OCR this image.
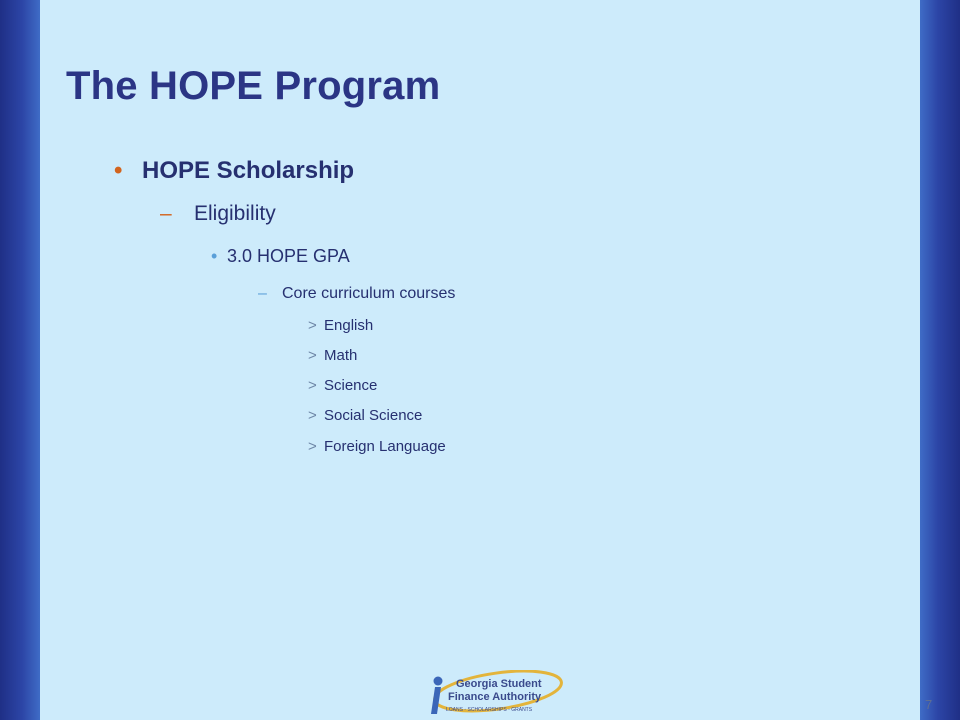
The HOPE Program
• HOPE Scholarship
–	Eligibility
• 3.0 HOPE GPA
– Core curriculum courses
> English
> Math
> Science
> Social Science
> Foreign Language
Georgia Student
Finance Authority
LOANS ◦ SCHOLARSHIPS ◦ GRANTS	7
